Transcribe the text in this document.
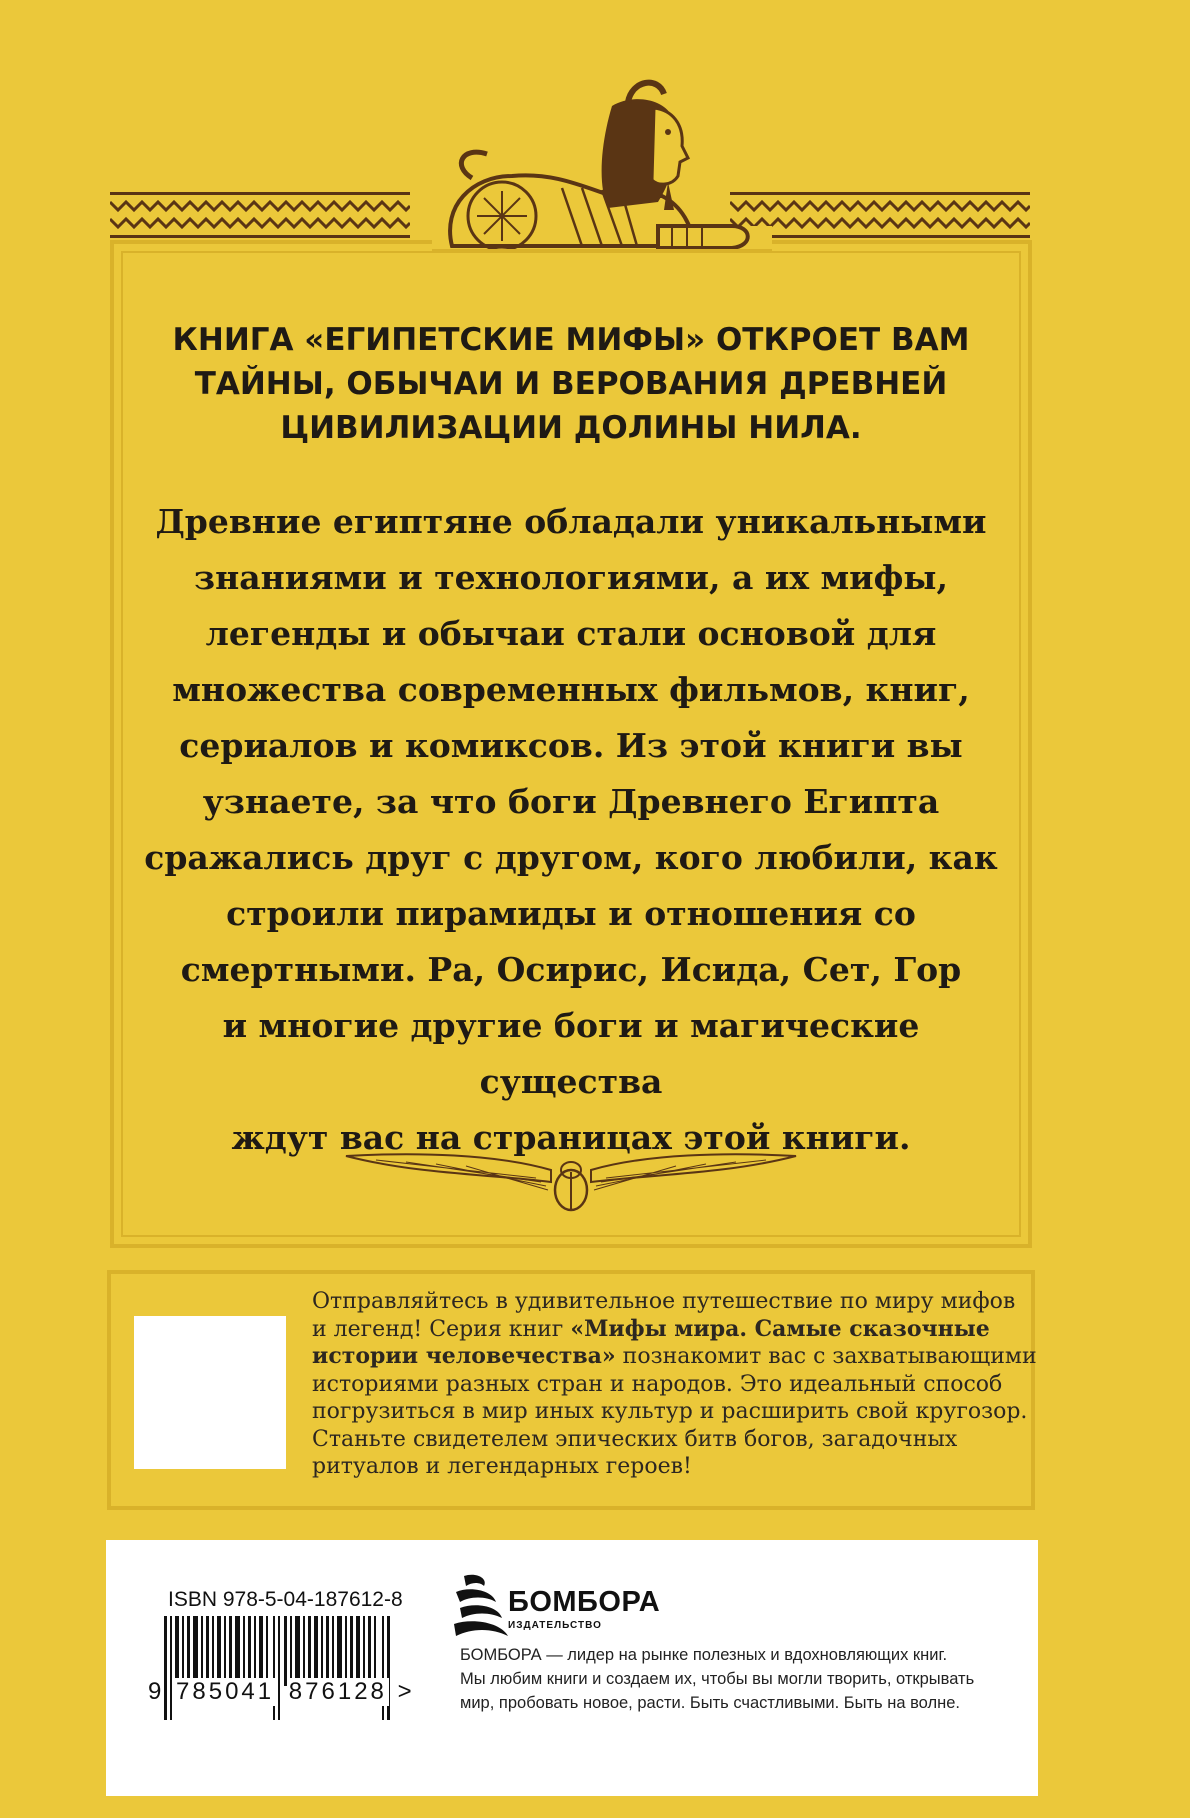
КНИГА «ЕГИПЕТСКИЕ МИФЫ» ОТКРОЕТ ВАМ
ТАЙНЫ, ОБЫЧАИ И ВЕРОВАНИЯ ДРЕВНЕЙ
ЦИВИЛИЗАЦИИ ДОЛИНЫ НИЛА.
Древние египтяне обладали уникальными
знаниями и технологиями, а их мифы,
легенды и обычаи стали основой для
множества современных фильмов, книг,
сериалов и комиксов. Из этой книги вы
узнаете, за что боги Древнего Египта
сражались друг с другом, кого любили, как
строили пирамиды и отношения со
смертными. Ра, Осирис, Исида, Сет, Гор
и многие другие боги и магические существа
ждут вас на страницах этой книги.
Отправляйтесь в удивительное путешествие по миру мифов
и легенд! Серия книг «Мифы мира. Самые сказочные
истории человечества» познакомит вас с захватывающими
историями разных стран и народов. Это идеальный способ
погрузиться в мир иных культур и расширить свой кругозор.
Станьте свидетелем эпических битв богов, загадочных
ритуалов и легендарных героев!
ISBN 978-5-04-187612-8
9 785041 876128 >
БОМБОРА
ИЗДАТЕЛЬСТВО
БОМБОРА — лидер на рынке полезных и вдохновляющих книг.
Мы любим книги и создаем их, чтобы вы могли творить, открывать
мир, пробовать новое, расти. Быть счастливыми. Быть на волне.
